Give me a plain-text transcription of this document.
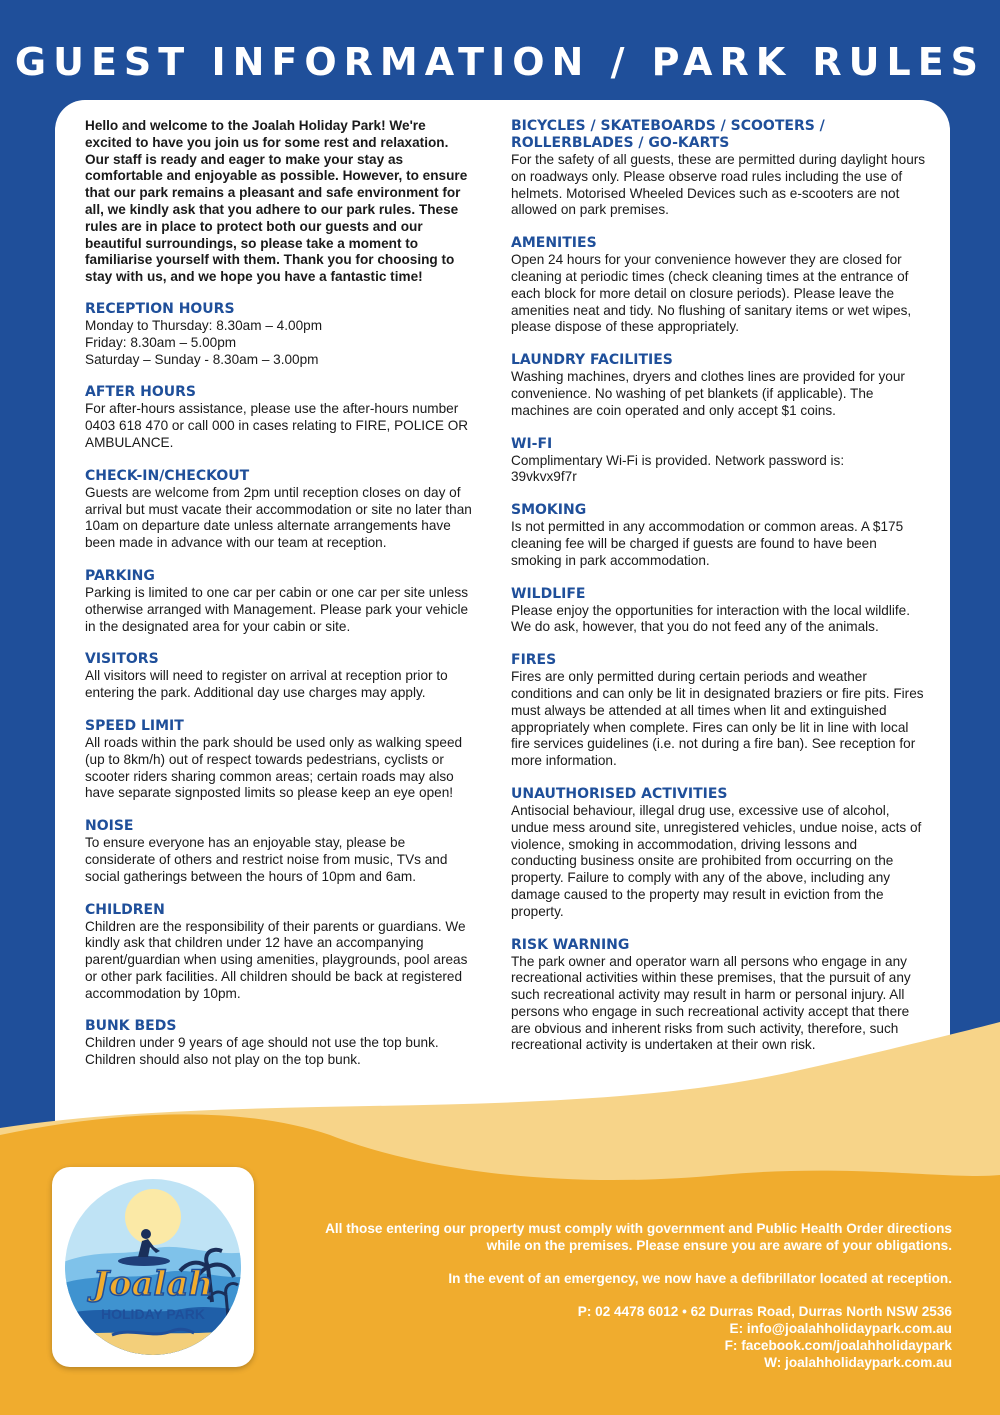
GUEST INFORMATION / PARK RULES

Hello and welcome to the Joalah Holiday Park! We're excited to have you join us for some rest and relaxation. Our staff is ready and eager to make your stay as comfortable and enjoyable as possible. However, to ensure that our park remains a pleasant and safe environment for all, we kindly ask that you adhere to our park rules. These rules are in place to protect both our guests and our beautiful surroundings, so please take a moment to familiarise yourself with them. Thank you for choosing to stay with us, and we hope you have a fantastic time!

RECEPTION HOURS

Monday to Thursday: 8.30am – 4.00pm

Friday: 8.30am – 5.00pm

Saturday – Sunday - 8.30am – 3.00pm

AFTER HOURS

For after-hours assistance, please use the after-hours number 0403 618 470 or call 000 in cases relating to FIRE, POLICE OR AMBULANCE.

CHECK-IN/CHECKOUT

Guests are welcome from 2pm until reception closes on day of arrival but must vacate their accommodation or site no later than 10am on departure date unless alternate arrangements have been made in advance with our team at reception.

PARKING

Parking is limited to one car per cabin or one car per site unless otherwise arranged with Management. Please park your vehicle in the designated area for your cabin or site.

VISITORS

All visitors will need to register on arrival at reception prior to entering the park. Additional day use charges may apply.

SPEED LIMIT

All roads within the park should be used only as walking speed (up to 8km/h) out of respect towards pedestrians, cyclists or scooter riders sharing common areas; certain roads may also have separate signposted limits so please keep an eye open!

NOISE

To ensure everyone has an enjoyable stay, please be considerate of others and restrict noise from music, TVs and social gatherings between the hours of 10pm and 6am.

CHILDREN

Children are the responsibility of their parents or guardians. We kindly ask that children under 12 have an accompanying parent/guardian when using amenities, playgrounds, pool areas or other park facilities. All children should be back at registered accommodation by 10pm.

BUNK BEDS

Children under 9 years of age should not use the top bunk. Children should also not play on the top bunk.

BICYCLES / SKATEBOARDS / SCOOTERS / ROLLERBLADES / GO-KARTS

For the safety of all guests, these are permitted during daylight hours on roadways only. Please observe road rules including the use of helmets. Motorised Wheeled Devices such as e-scooters are not allowed on park premises.

AMENITIES

Open 24 hours for your convenience however they are closed for cleaning at periodic times (check cleaning times at the entrance of each block for more detail on closure periods). Please leave the amenities neat and tidy. No flushing of sanitary items or wet wipes, please dispose of these appropriately.

LAUNDRY FACILITIES

Washing machines, dryers and clothes lines are provided for your convenience. No washing of pet blankets (if applicable). The machines are coin operated and only accept $1 coins.

WI-FI

Complimentary Wi-Fi is provided. Network password is:

39vkvx9f7r

SMOKING

Is not permitted in any accommodation or common areas. A $175 cleaning fee will be charged if guests are found to have been smoking in park accommodation.

WILDLIFE

Please enjoy the opportunities for interaction with the local wildlife. We do ask, however, that you do not feed any of the animals.

FIRES

Fires are only permitted during certain periods and weather conditions and can only be lit in designated braziers or fire pits. Fires must always be attended at all times when lit and extinguished appropriately when complete. Fires can only be lit in line with local fire services guidelines (i.e. not during a fire ban). See reception for more information.

UNAUTHORISED ACTIVITIES

Antisocial behaviour, illegal drug use, excessive use of alcohol, undue mess around site, unregistered vehicles, undue noise, acts of violence, smoking in accommodation, driving lessons and conducting business onsite are prohibited from occurring on the property. Failure to comply with any of the above, including any damage caused to the property may result in eviction from the property.

RISK WARNING

The park owner and operator warn all persons who engage in any recreational activities within these premises, that the pursuit of any such recreational activity may result in harm or personal injury. All persons who engage in such recreational activity accept that there are obvious and inherent risks from such activity, therefore, such recreational activity is undertaken at their own risk.

Joalah
HOLIDAY PARK

All those entering our property must comply with government and Public Health Order directions while on the premises. Please ensure you are aware of your obligations.

In the event of an emergency, we now have a defibrillator located at reception.

P: 02 4478 6012 • 62 Durras Road, Durras North NSW 2536

E: info@joalahholidaypark.com.au

F: facebook.com/joalahholidaypark

W: joalahholidaypark.com.au
